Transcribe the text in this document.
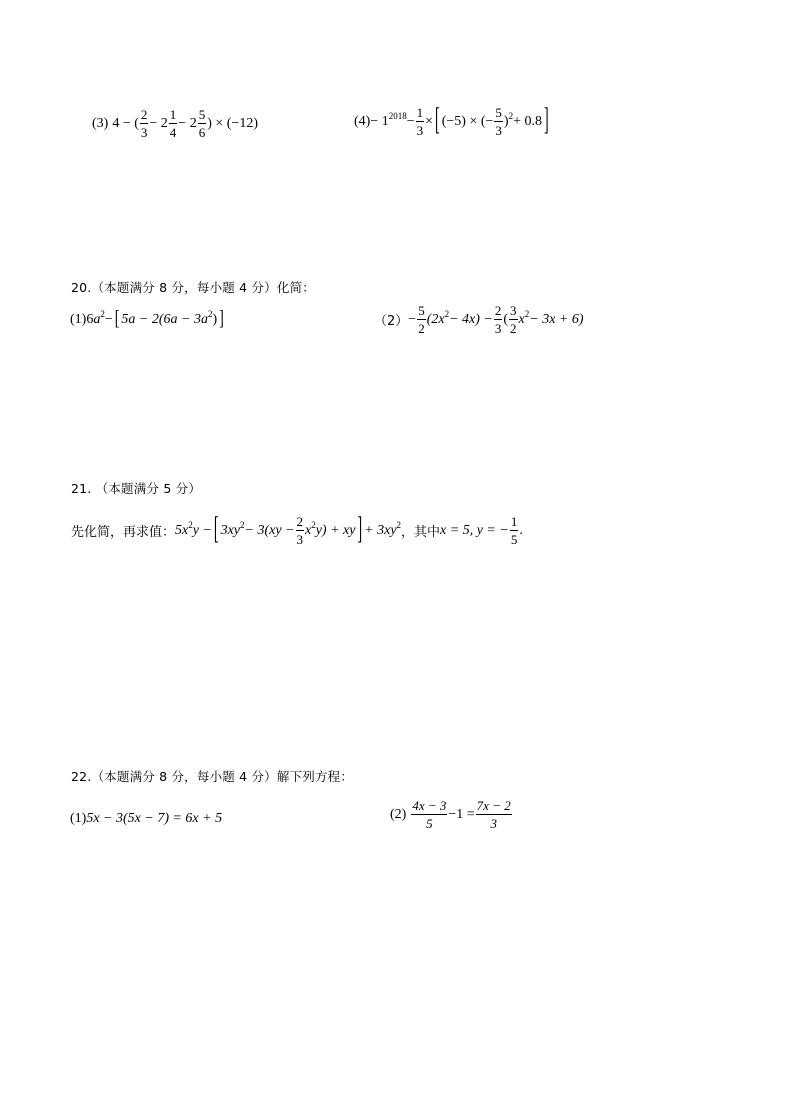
(3) 4 − ( $\frac{2}{3} - 2 \frac{1}{4} - 2 \frac{5}{6}$ ) × (−12)	(4) − 1 $2018 - \frac{1}{3}$ × [ (−5) × (− $\frac{5}{3}$ ) 2 + 0.8 ]
20.（本题满分 8 分，每小题 4 分）化简：
(1) 6 a 2 − [ 5a − 2(6a − 3a 2 ) ]	$(2) - \frac{5}{2} (2x$ $2 - 4x) - \frac{2}{3}$ ( $\frac{3}{2}$ x 2 − 3x + 6)
21. （本题满分 5 分）
先化简，再求值： 5x 2 y − [ 3xy $2 - 3(xy - \frac{2}{3}$ x 2 y) + xy ] + 3xy 2
，其中 x = 5, y = − $\frac{1}{5}$ .
22.（本题满分 8 分，每小题 4 分）解下列方程：
(1) 5x − 3(5x − 7) = 6x + 5	$(2) \frac{4x - 3}{5} -1 = \frac{7x - 2}{3}$
